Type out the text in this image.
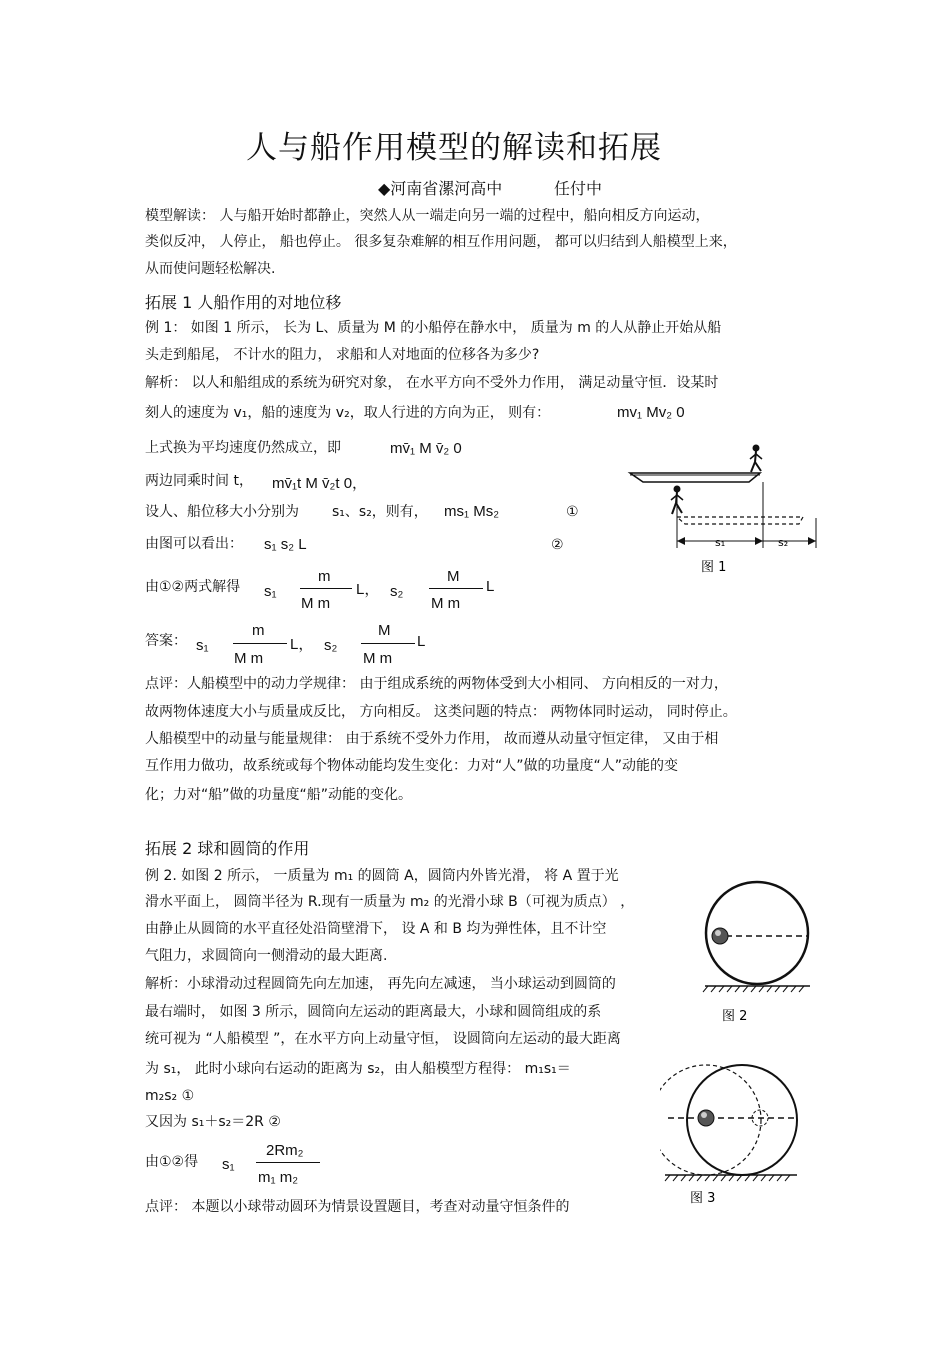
人与船作用模型的解读和拓展
◆河南省漯河高中	任付中
模型解读： 人与船开始时都静止，突然人从一端走向另一端的过程中，船向相反方向运动，
类似反冲， 人停止， 船也停止。 很多复杂难解的相互作用问题， 都可以归结到人船模型上来，
从而使问题轻松解决.
拓展 1 人船作用的对地位移
例 1： 如图 1 所示， 长为 L、质量为 M 的小船停在静水中， 质量为 m 的人从静止开始从船
头走到船尾， 不计水的阻力， 求船和人对地面的位移各为多少?
解析： 以人和船组成的系统为研究对象， 在水平方向不受外力作用， 满足动量守恒．设某时
刻人的速度为 v₁，船的速度为 v₂，取人行进的方向为正， 则有：	mv₁ Mv₂ 0
上式换为平均速度仍然成立，即	mv̄₁ M v̄₂ 0
两边同乘时间 t， mv̄₁t M v̄₂t 0，
设人、船位移大小分别为 s₁、s₂，则有， ms₁ Ms₂	①
由图可以看出： s₁ s₂ L	②
由①②两式解得 s₁
m
M m
L， s₂
M
M m
L
答案： s₁
m
M m
L， s₂
M
M m
L
点评：人船模型中的动力学规律： 由于组成系统的两物体受到大小相同、 方向相反的一对力，
故两物体速度大小与质量成反比， 方向相反。 这类问题的特点： 两物体同时运动， 同时停止。
人船模型中的动量与能量规律： 由于系统不受外力作用， 故而遵从动量守恒定律， 又由于相
互作用力做功，故系统或每个物体动能均发生变化：力对“人”做的功量度“人”动能的变
化；力对“船”做的功量度“船”动能的变化。
s₁	s₂
图 1
拓展 2 球和圆筒的作用
例 2. 如图 2 所示， 一质量为 m₁ 的圆筒 A，圆筒内外皆光滑， 将 A 置于光
滑水平面上， 圆筒半径为 R.现有一质量为 m₂ 的光滑小球 B（可视为质点） ，
由静止从圆筒的水平直径处沿筒壁滑下， 设 A 和 B 均为弹性体，且不计空
气阻力，求圆筒向一侧滑动的最大距离.
解析：小球滑动过程圆筒先向左加速， 再先向左减速， 当小球运动到圆筒的
最右端时， 如图 3 所示，圆筒向左运动的距离最大，小球和圆筒组成的系
统可视为 “人船模型 ”，在水平方向上动量守恒， 设圆筒向左运动的最大距离
为 s₁， 此时小球向右运动的距离为 s₂，由人船模型方程得： m₁s₁＝
m₂s₂ ①
又因为 s₁＋s₂＝2R ②
由①②得 s₁
2Rm₂
m₁ m₂
点评： 本题以小球带动圆环为情景设置题目，考查对动量守恒条件的
图 2
图 3
